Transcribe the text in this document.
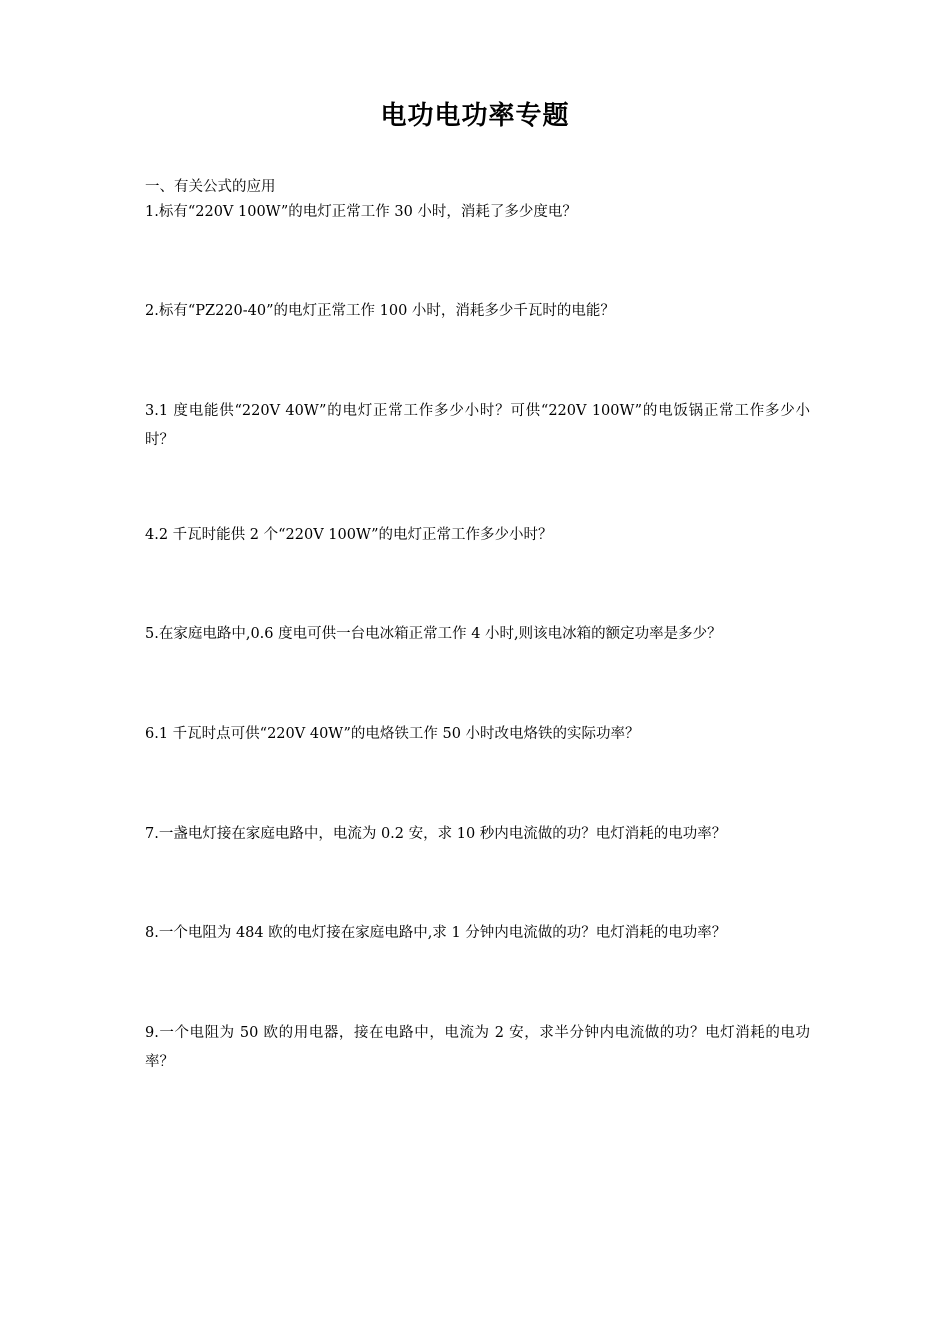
电功电功率专题
一、有关公式的应用

1.标有“220V 100W”的电灯正常工作 30 小时，消耗了多少度电？

2.标有“PZ220-40”的电灯正常工作 100 小时，消耗多少千瓦时的电能？

3.1 度电能供“220V 40W”的电灯正常工作多少小时？可供“220V 100W”的电饭锅正常工作多少小时？

4.2 千瓦时能供 2 个“220V 100W”的电灯正常工作多少小时？

5.在家庭电路中,0.6 度电可供一台电冰箱正常工作 4 小时,则该电冰箱的额定功率是多少？

6.1 千瓦时点可供“220V 40W”的电烙铁工作 50 小时改电烙铁的实际功率？

7.一盏电灯接在家庭电路中，电流为 0.2 安，求 10 秒内电流做的功？电灯消耗的电功率？

8.一个电阻为 484 欧的电灯接在家庭电路中,求 1 分钟内电流做的功？电灯消耗的电功率？

9.一个电阻为 50 欧的用电器，接在电路中，电流为 2 安，求半分钟内电流做的功？电灯消耗的电功率？
